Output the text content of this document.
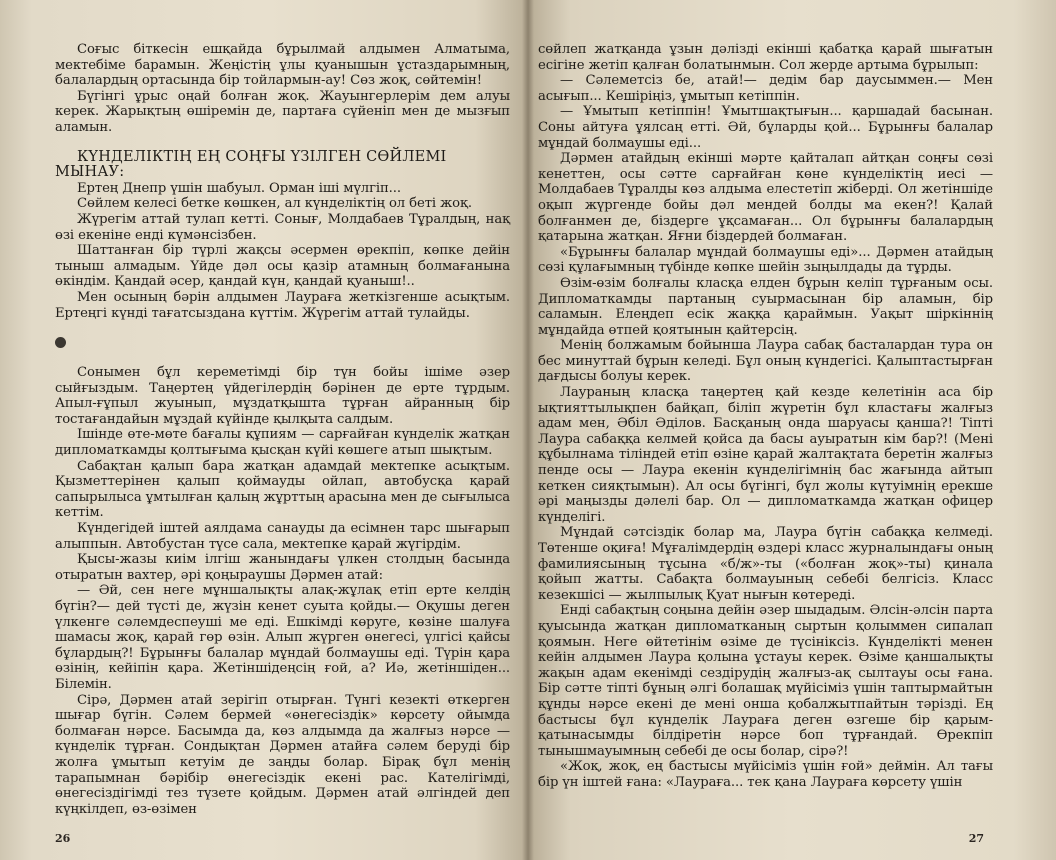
Соғыс біткесін ешқайда бұрылмай алдымен Алматыма, мектебіме барамын. Жеңістің ұлы қуанышын ұстаздарымның, балалардың ортасында бір тойлармын-ау! Сөз жоқ, сөйтемін!

Бүгінгі ұрыс оңай болған жоқ. Жауынгерлерім дем алуы керек. Жарықтың өшіремін де, партаға сүйеніп мен де мызғып аламын.

КҮНДЕЛІКТІҢ ЕҢ СОҢҒЫ ҮЗІЛГЕН СӨЙЛЕМІ МЫНАУ:

Ертең Днепр үшін шабуыл. Орман іші мүлгіп...

Сөйлем келесі бетке көшкен, ал күнделіктің ол беті жоқ.

Жүрегім аттай тулап кетті. Сонығ, Молдабаев Тұралдың, нақ өзі екеніне енді күмәнсізбен.

Шаттанған бір түрлі жақсы әсермен өрекпіп, көпке дейін тыныш алмадым. Үйде дәл осы қазір атамның болмағанына өкіндім. Қандай әсер, қандай күн, қандай қуаныш!..

Мен осының бәрін алдымен Лаураға жеткізгенше асықтым. Ертеңгі күнді тағатсыздана күттім. Жүрегім аттай тулайды.

Сонымен бұл кереметімді бір түн бойы ішіме әзер сыйғыздым. Таңертең үйдегілердің бәрінен де ерте тұрдым. Апыл-ғұпыл жуынып, мұздатқышта тұрған айранның бір тостағандайын мұздай күйінде қылқыта салдым.

Ішінде өте-мөте бағалы құпиям — сарғайған күнделік жатқан дипломаткамды қолтығыма қысқан күйі көшеге атып шықтым.

Сабақтан қалып бара жатқан адамдай мектепке асықтым. Қызметтерінен қалып қоймауды ойлап, автобусқа қарай сапырылыса ұмтылған қалың жұрттың арасына мен де сығылыса кеттім.

Күндегідей іштей аялдама санауды да есімнен тарс шығарып алыппын. Автобустан түсе сала, мектепке қарай жүгірдім.

Қысы-жазы киім ілгіш жанындағы үлкен столдың басында отыратын вахтер, әрі қоңыраушы Дәрмен атай:

— Әй, сен неге мұншалықты алақ-жұлақ етіп ерте келдің бүгін?— дей түсті де, жүзін кенет суыта қойды.— Оқушы деген үлкенге сәлемдеспеуші ме еді. Ешкімді көруге, көзіне шалуға шамасы жоқ, қарай гөр өзін. Алып жүрген өнегесі, үлгісі қайсы бұлардың?! Бұрынғы балалар мұндай болмаушы еді. Түрін қара өзінің, кейіпін қара. Жетіншідеңсің ғой, а? Иә, жетіншіден... Білемін.

Сірә, Дәрмен атай зерігіп отырған. Түнгі кезекті өткерген шығар бүгін. Сәлем бермей «өнегесіздік» көрсету ойымда болмаған нәрсе. Басымда да, көз алдымда да жалғыз нәрсе — күнделік тұрған. Сондықтан Дәрмен атайға сәлем беруді бір жолға ұмытып кетуім де заңды болар. Бірақ бұл менің тарапымнан бәрібір өнегесіздік екені рас. Кателігімді, өнегесіздігімді тез түзете қойдым. Дәрмен атай әлгіндей деп күңкілдеп, өз-өзімен

26

сөйлеп жатқанда ұзын дәлізді екінші қабатқа қарай шығатын есігіне жетіп қалған болатынмын. Сол жерде артыма бұрылып:

— Сәлеметсіз бе, атай!— дедім бар даусыммен.— Мен асығып... Кешіріңіз, ұмытып кетіппін.

— Ұмытып кетіппін! Ұмытшақтығын... қаршадай басынан. Соны айтуға ұялсаң етті. Әй, бұларды қой... Бұрынғы балалар мұндай болмаушы еді...

Дәрмен атайдың екінші мәрте қайталап айтқан соңғы сөзі кенеттен, осы сәтте сарғайған көне күнделіктің иесі — Молдабаев Тұралды көз алдыма елестетіп жіберді. Ол жетіншіде оқып жүргенде бойы дәл мендей болды ма екен?! Қалай болғанмен де, біздерге ұқсамаған... Ол бұрынғы балалардың қатарына жатқан. Яғни біздердей болмаған.

«Бұрынғы балалар мұндай болмаушы еді»... Дәрмен атайдың сөзі құлағымның түбінде көпке шейін зыңылдады да тұрды.

Өзім-өзім болғалы класқа елден бұрын келіп тұрғаным осы. Дипломаткамды партаның суырмасынан бір аламын, бір саламын. Елеңдеп есік жаққа қараймын. Уақыт шіркіннің мұндайда өтпей қоятынын қайтерсің.

Менің болжамым бойынша Лаура сабақ басталардан тура он бес минуттай бұрын келеді. Бұл оның күндегісі. Қалыптастырған дағдысы болуы керек.

Лаураның класқа таңертең қай кезде келетінін аса бір ықтияттылықпен байқап, біліп жүретін бұл кластағы жалғыз адам мен, Әбіл Әділов. Басқаның онда шаруасы қанша?! Тіпті Лаура сабаққа келмей қойса да басы ауыратын кім бар?! (Мені құбылнама тіліндей етіп өзіне қарай жалтақтата беретін жалғыз пенде осы — Лаура екенін күнделігімнің бас жағында айтып кеткен сияқтымын). Ал осы бүгінгі, бұл жолы күтуімнің ерекше әрі маңызды дәлелі бар. Ол — дипломаткамда жатқан офицер күнделігі.

Мұндай сәтсіздік болар ма, Лаура бүгін сабаққа келмеді. Төтенше оқиға! Мұғалімдердің өздері класс журналындағы оның фамилиясының тұсына «б/ж»-ты («болған жоқ»-ты) қиналa қойып жатты. Сабақта болмауының себебі белгісіз. Класс кезекшісі — жылпылық Қуат нығын көтереді.

Енді сабақтың соңына дейін әзер шыдадым. Әлсін-әлсін партa қуысында жатқан дипломатканың сыртын қолыммен сипалап қоямын. Неге өйтетінім өзіме де түсініксіз. Күнделікті менен кейін алдымен Лаура қолына ұстауы керек. Өзіме қаншалықты жақын адам екенімді сездірудің жалғыз-ақ сылтауы осы ғана. Бір сәтте тіпті бұның әлгі болашақ мүйісіміз үшін таптырмайтын құнды нәрсе екені де мені онша қобалжытпайтын тәрізді. Ең бастысы бұл күнделік Лаураға деген өзгеше бір қарым-қатынасымды білдіретін нәрсе боп тұрғандай. Өрекпіп тынышмауымның себебі де осы болар, сірә?!

«Жоқ, жоқ, ең бастысы мүйісіміз үшін ғой» деймін. Ал тағы бір үн іштей ғана: «Лаураға... тек қана Лаураға көрсету үшін

27
